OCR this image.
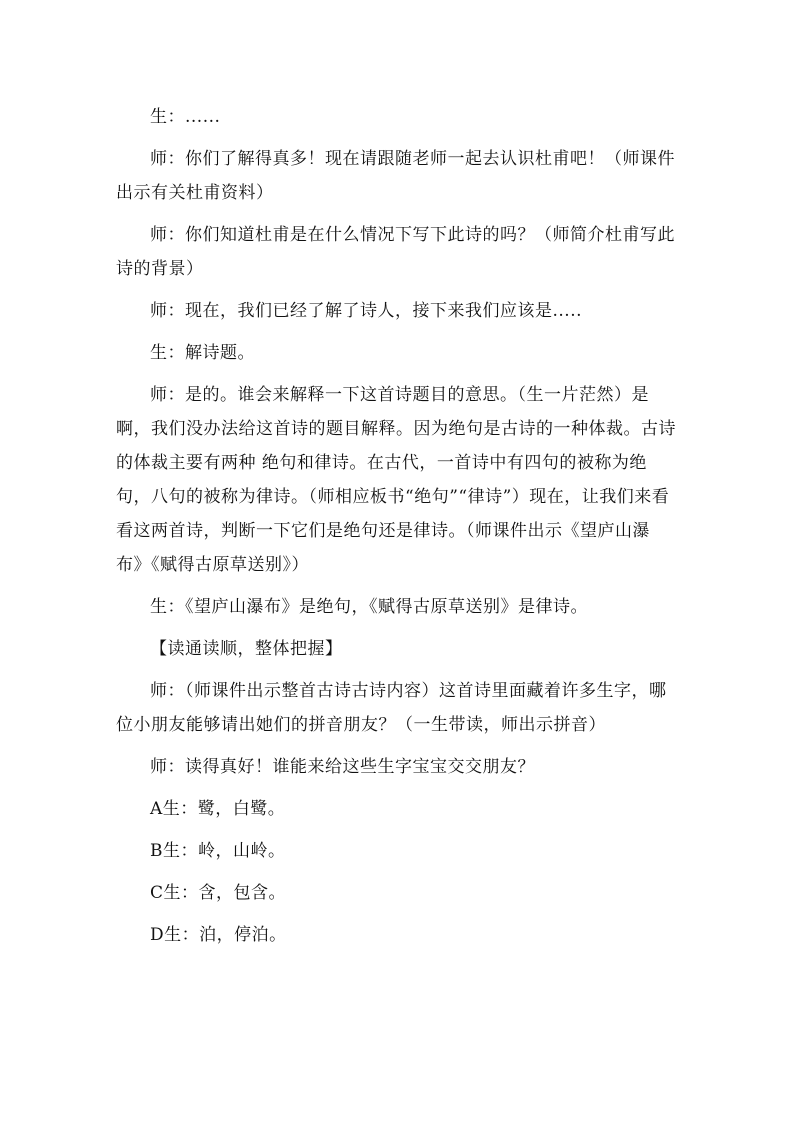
生：......

师：你们了解得真多！现在请跟随老师一起去认识杜甫吧！（师课件出示有关杜甫资料）

师：你们知道杜甫是在什么情况下写下此诗的吗？（师简介杜甫写此诗的背景）

师：现在，我们已经了解了诗人，接下来我们应该是.....

生：解诗题。

师：是的。谁会来解释一下这首诗题目的意思。（生一片茫然）是啊，我们没办法给这首诗的题目解释。因为绝句是古诗的一种体裁。古诗的体裁主要有两种 绝句和律诗。在古代，一首诗中有四句的被称为绝句，八句的被称为律诗。（师相应板书“绝句”“律诗”）现在，让我们来看看这两首诗，判断一下它们是绝句还是律诗。（师课件出示《望庐山瀑布》《赋得古原草送别》）

生：《望庐山瀑布》是绝句，《赋得古原草送别》是律诗。

【读通读顺，整体把握】

师：（师课件出示整首古诗古诗内容）这首诗里面藏着许多生字，哪位小朋友能够请出她们的拼音朋友？（一生带读，师出示拼音）

师：读得真好！谁能来给这些生字宝宝交交朋友？

A生：鹭，白鹭。

B生：岭，山岭。

C生：含，包含。

D生：泊，停泊。
